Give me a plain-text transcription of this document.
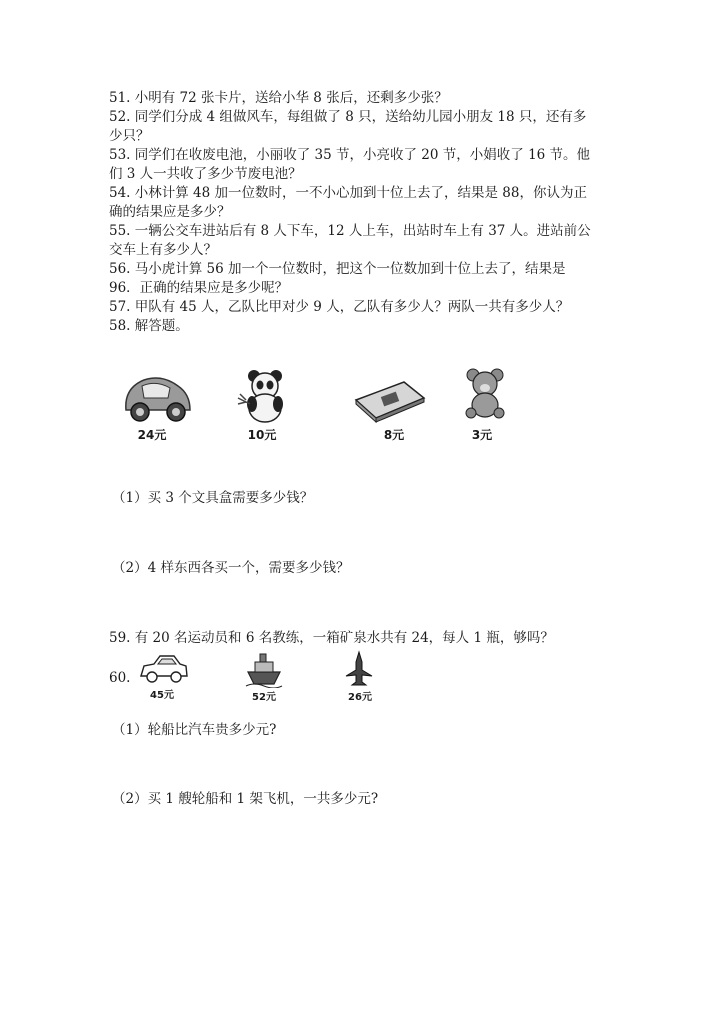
51. 小明有 72 张卡片，送给小华 8 张后，还剩多少张？
52. 同学们分成 4 组做风车，每组做了 8 只，送给幼儿园小朋友 18 只，还有多
少只？
53. 同学们在收废电池，小丽收了 35 节，小亮收了 20 节，小娟收了 16 节。他
们 3 人一共收了多少节废电池？
54. 小林计算 48 加一位数时，一不小心加到十位上去了，结果是 88，你认为正
确的结果应是多少？
55. 一辆公交车进站后有 8 人下车，12 人上车，出站时车上有 37 人。进站前公
交车上有多少人？
56. 马小虎计算 56 加一个一位数时，把这个一位数加到十位上去了，结果是
96．正确的结果应是多少呢？
57. 甲队有 45 人，乙队比甲对少 9 人，乙队有多少人？两队一共有多少人？
58. 解答题。
24元	10元	8元	3元
（1）买 3 个文具盒需要多少钱？
（2）4 样东西各买一个，需要多少钱？
59. 有 20 名运动员和 6 名教练，一箱矿泉水共有 24，每人 1 瓶，够吗？
60.
45元	52元	26元
（1）轮船比汽车贵多少元?
（2）买 1 艘轮船和 1 架飞机，一共多少元?
